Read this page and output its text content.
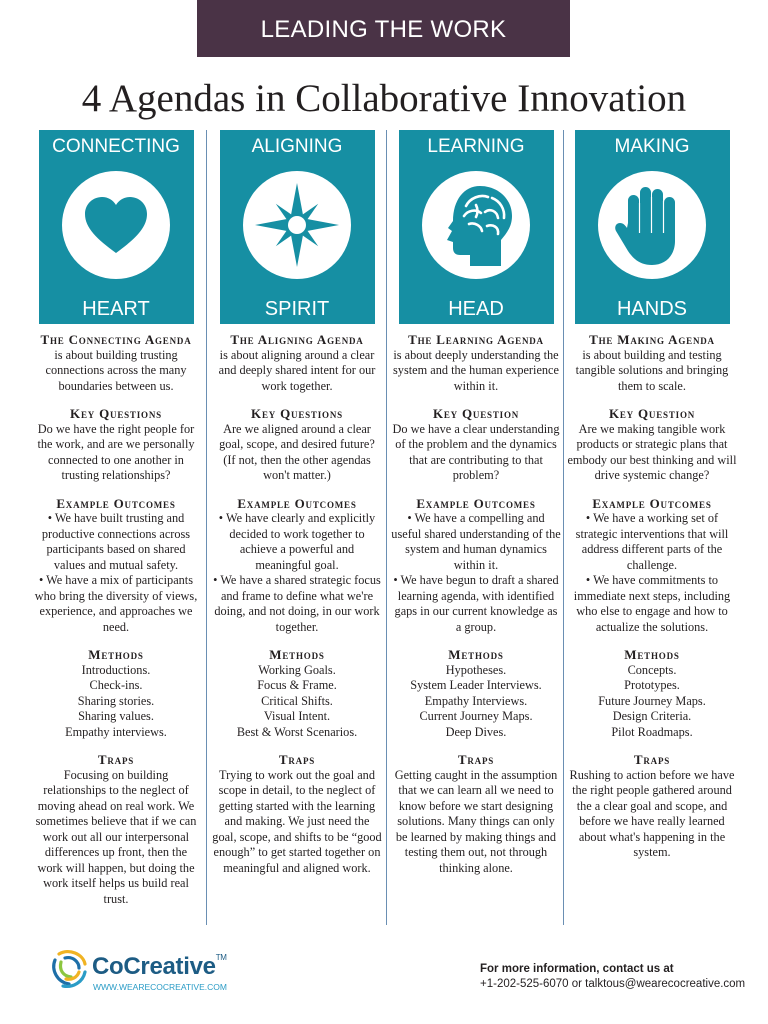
LEADING THE WORK
4 Agendas in Collaborative Innovation
CONNECTING
HEART
The Connecting Agenda

is about building trusting connections across the many boundaries between us.

Key Questions

Do we have the right people for the work, and are we personally connected to one another in trusting relationships?

Example Outcomes

• We have built trusting and productive connections across participants based on shared values and mutual safety.

• We have a mix of participants who bring the diversity of views, experience, and approaches we need.

Methods

Introductions.

Check-ins.

Sharing stories.

Sharing values.

Empathy interviews.

Traps

Focusing on building relationships to the neglect of moving ahead on real work. We sometimes believe that if we can work out all our interpersonal differences up front, then the work will happen, but doing the work itself helps us build real trust.

ALIGNING
SPIRIT
The Aligning Agenda

is about aligning around a clear and deeply shared intent for our work together.

Key Questions

Are we aligned around a clear goal, scope, and desired future? (If not, then the other agendas won't matter.)

Example Outcomes

• We have clearly and explicitly decided to work together to achieve a powerful and meaningful goal.

• We have a shared strategic focus and frame to define what we're doing, and not doing, in our work together.

Methods

Working Goals.

Focus & Frame.

Critical Shifts.

Visual Intent.

Best & Worst Scenarios.

Traps

Trying to work out the goal and scope in detail, to the neglect of getting started with the learning and making. We just need the goal, scope, and shifts to be “good enough” to get started together on meaningful and aligned work.

LEARNING
HEAD
The Learning Agenda

is about deeply understanding the system and the human experience within it.

Key Question

Do we have a clear understanding of the problem and the dynamics that are contributing to that problem?

Example Outcomes

• We have a compelling and useful shared understanding of the system and human dynamics within it.

• We have begun to draft a shared learning agenda, with identified gaps in our current knowledge as a group.

Methods

Hypotheses.

System Leader Interviews.

Empathy Interviews.

Current Journey Maps.

Deep Dives.

Traps

Getting caught in the assumption that we can learn all we need to know before we start designing solutions. Many things can only be learned by making things and testing them out, not through thinking alone.

MAKING
HANDS
The Making Agenda

is about building and testing tangible solutions and bringing them to scale.

Key Question

Are we making tangible work products or strategic plans that embody our best thinking and will drive systemic change?

Example Outcomes

• We have a working set of strategic interventions that will address different parts of the challenge.

• We have commitments to immediate next steps, including who else to engage and how to actualize the solutions.

Methods

Concepts.

Prototypes.

Future Journey Maps.

Design Criteria.

Pilot Roadmaps.

Traps

Rushing to action before we have the right people gathered around the a clear goal and scope, and before we have really learned about what's happening in the system.

CoCreative™
WWW.WEARECOCREATIVE.COM
For more information, contact us at
+1-202-525-6070 or talktous@wearecocreative.com
